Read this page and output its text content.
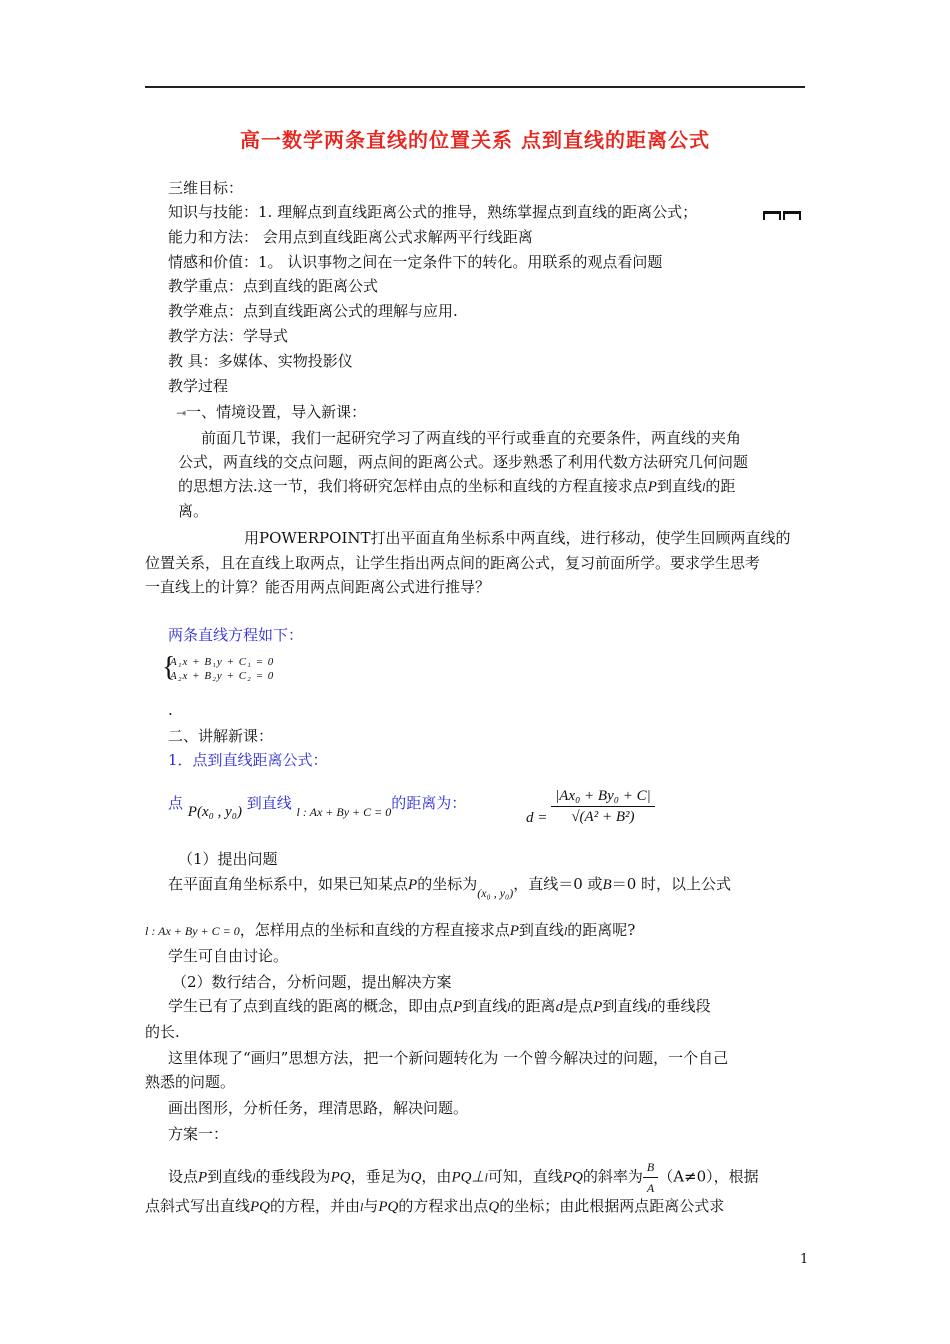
高一数学两条直线的位置关系 点到直线的距离公式
三维目标：
知识与技能：1. 理解点到直线距离公式的推导，熟练掌握点到直线的距离公式；
能力和方法： 会用点到直线距离公式求解两平行线距离
情感和价值：1。 认识事物之间在一定条件下的转化。用联系的观点看问题
教学重点：点到直线的距离公式
教学难点：点到直线距离公式的理解与应用.
教学方法：学导式
教 具：多媒体、实物投影仪
教学过程
⇥一、情境设置，导入新课：
前面几节课，我们一起研究学习了两直线的平行或垂直的充要条件，两直线的夹角
公式，两直线的交点问题，两点间的距离公式。逐步熟悉了利用代数方法研究几何问题
的思想方法.这一节，我们将研究怎样由点的坐标和直线的方程直接求点P到直线l的距
离。
用POWERPOINT打出平面直角坐标系中两直线，进行移动，使学生回顾两直线的
位置关系，且在直线上取两点，让学生指出两点间的距离公式，复习前面所学。要求学生思考
一直线上的计算？能否用两点间距离公式进行推导？
两条直线方程如下：
{
A₁x + B₁y + C₁ = 0
A₂x + B₂y + C₂ = 0
.
二、讲解新课：
1．点到直线距离公式：
点 P(x₀ , y₀) 到直线 $_{l : Ax + By + C = 0}$的距离为：
$d = \frac{\text{|Ax₀ + By₀ + C|}}{\text{√(A² + B²)}}$
（1）提出问题
在平面直角坐标系中，如果已知某点P的坐标为$_{(x_0 , y_0)}$，直线＝0 或B＝0 时，以上公式
l : Ax + By + C = 0，怎样用点的坐标和直线的方程直接求点P到直线l的距离呢?
学生可自由讨论。
（2）数行结合，分析问题，提出解决方案
学生已有了点到直线的距离的概念，即由点P到直线l的距离d是点P到直线l的垂线段
的长.
这里体现了“画归”思想方法，把一个新问题转化为 一个曾今解决过的问题，一个自己
熟悉的问题。
画出图形，分析任务，理清思路，解决问题。
方案一：
设点P到直线l的垂线段为PQ，垂足为Q，由PQ⊥l可知，直线PQ的斜率为 $\frac{B}{A} (A\ne 0)$，根据
点斜式写出直线PQ的方程，并由l与PQ的方程求出点Q的坐标；由此根据两点距离公式求
1
